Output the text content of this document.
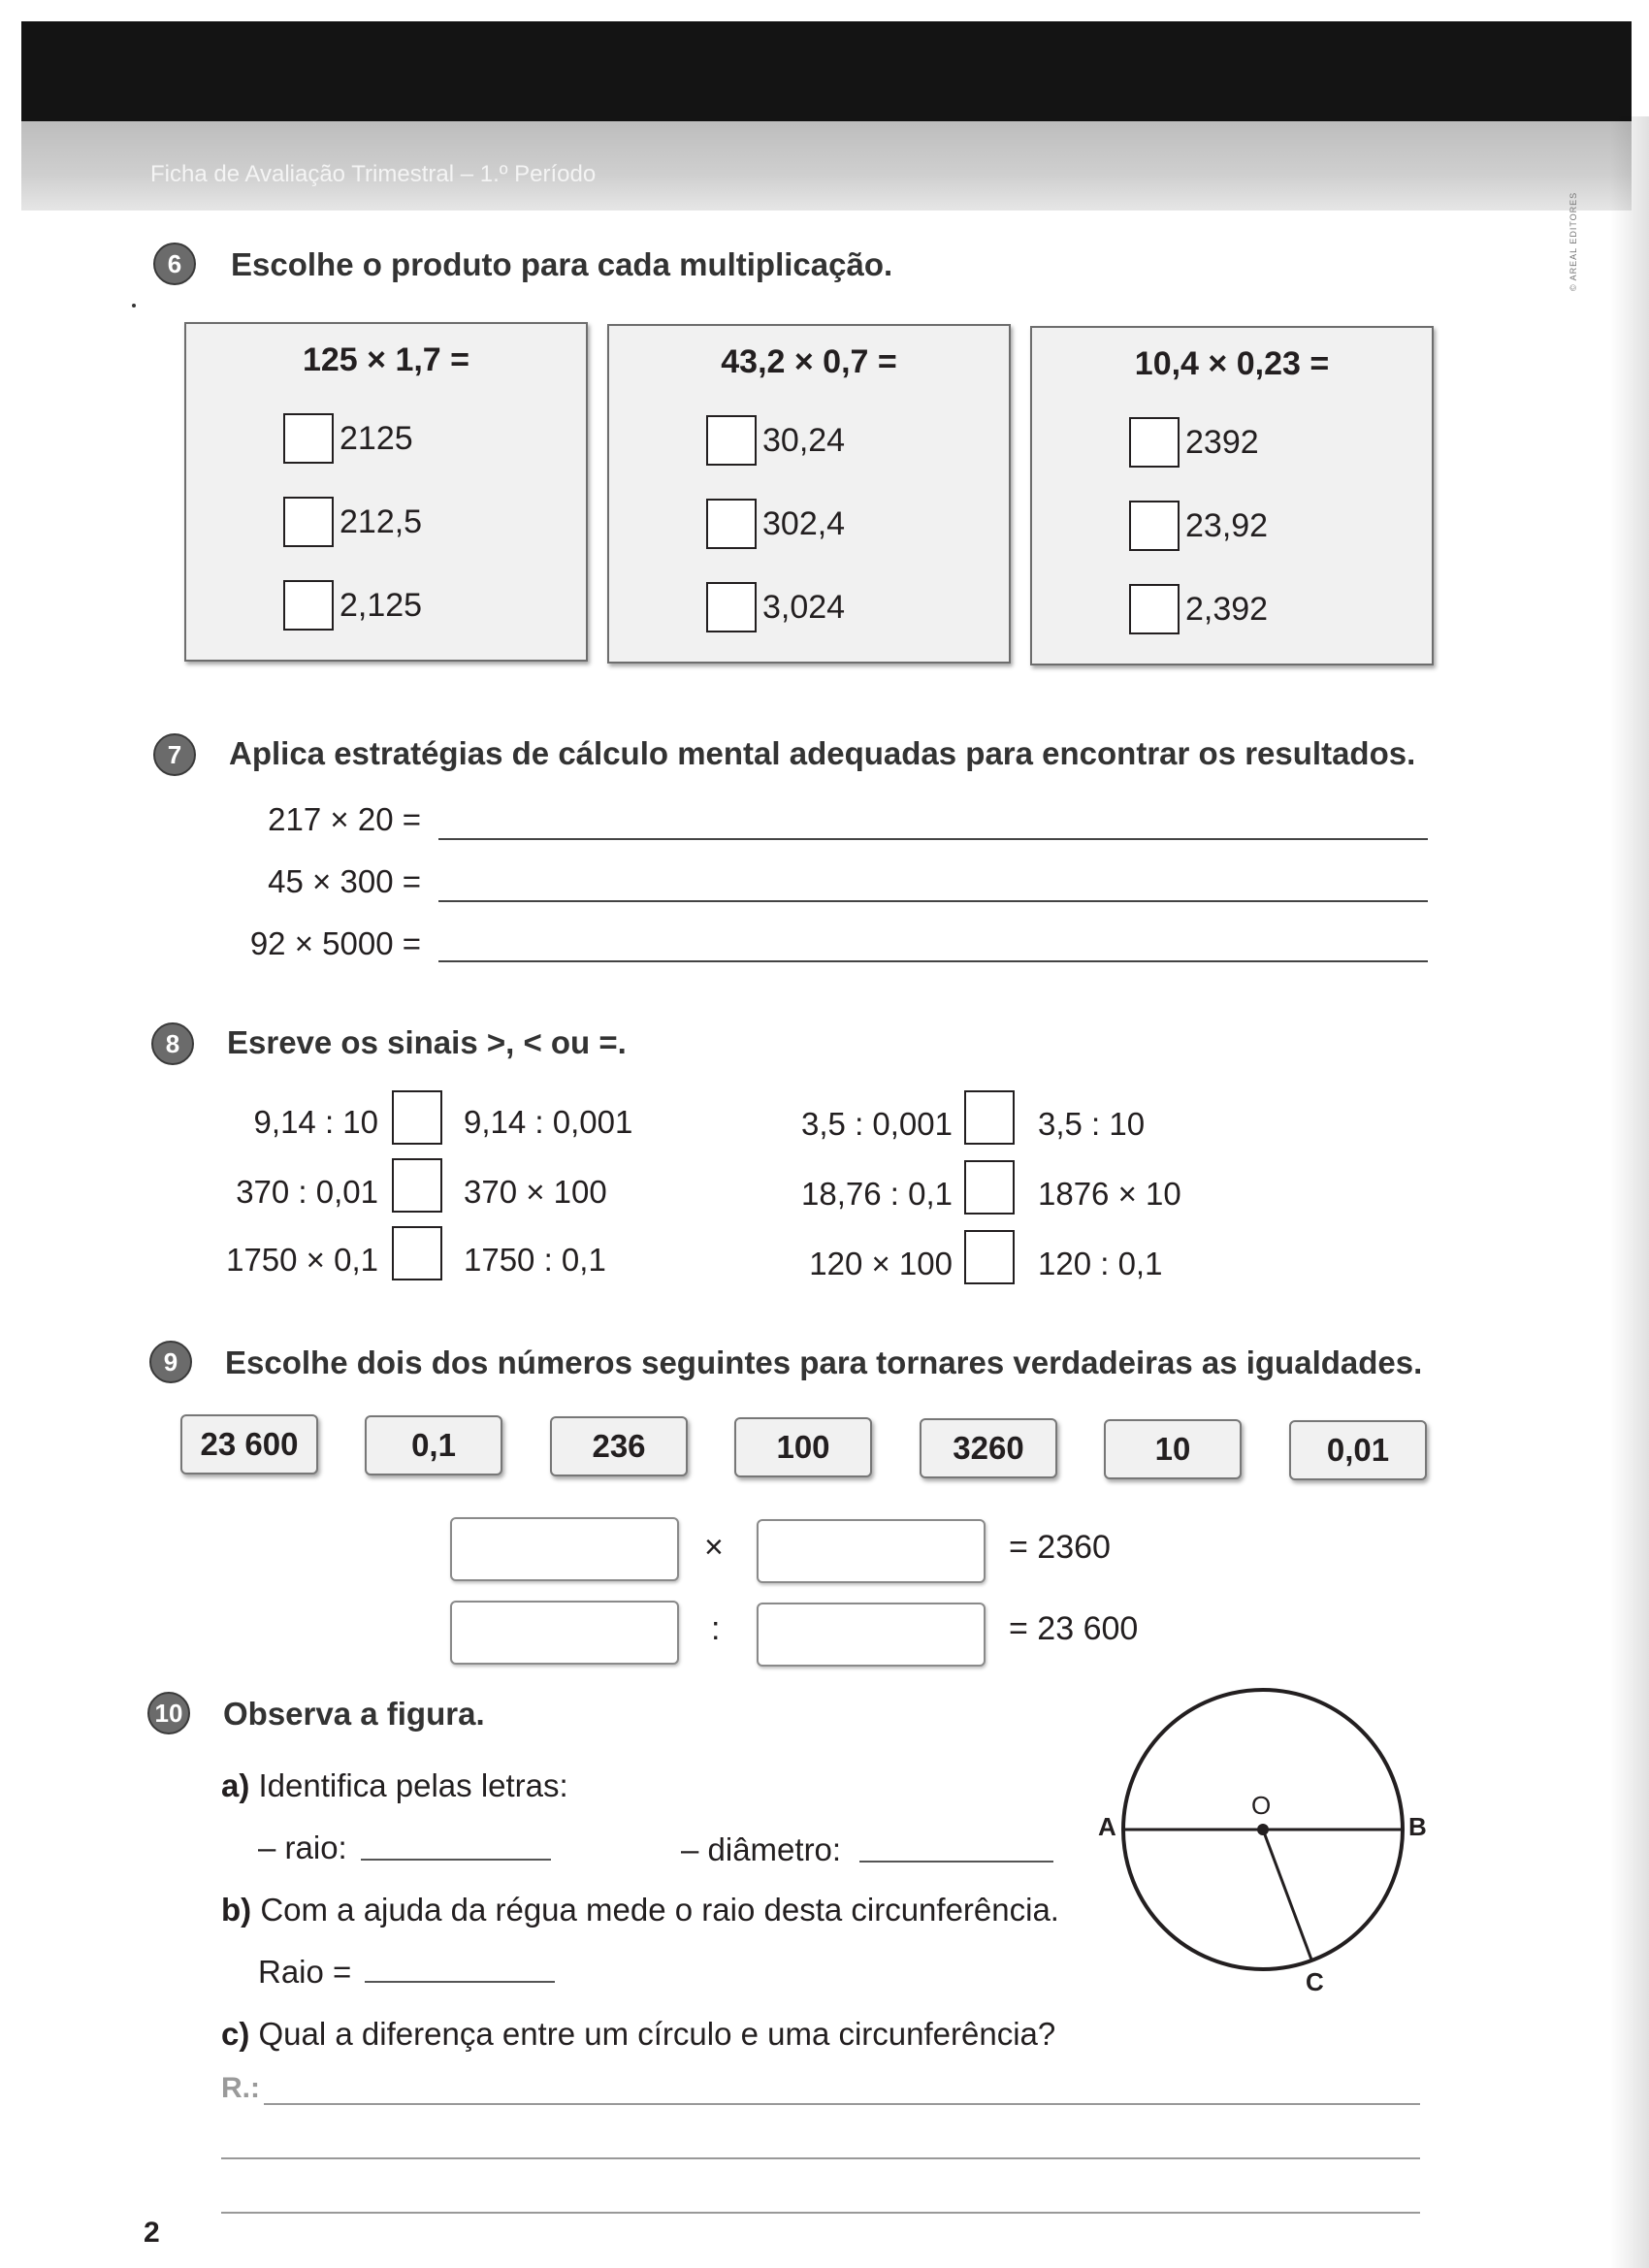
Ficha de Avaliação Trimestral – 1.º Período
© AREAL EDITORES
6	Escolhe o produto para cada multiplicação.
125 × 1,7 =
2125
212,5
2,125
43,2 × 0,7 =
30,24
302,4
3,024
10,4 × 0,23 =
2392
23,92
2,392
7	Aplica estratégias de cálculo mental adequadas para encontrar os resultados.
217 × 20 =
45 × 300 =
92 × 5000 =
8	Esreve os sinais >, < ou =.
9,14 : 10	9,14 : 0,001
370 : 0,01	370 × 100
1750 × 0,1	1750 : 0,1
3,5 : 0,001	3,5 : 10
18,76 : 0,1	1876 × 10
120 × 100	120 : 0,1
9	Escolhe dois dos números seguintes para tornares verdadeiras as igualdades.
23 600	0,1	236	100	3260	10	0,01
×	= 2360
:	= 23 600
10 Observa a figura.
a) Identifica pelas letras:
– raio:	– diâmetro:
b) Com a ajuda da régua mede o raio desta circunferência.
Raio =
c) Qual a diferença entre um círculo e uma circunferência?
R.:
A	B
O
C
2
